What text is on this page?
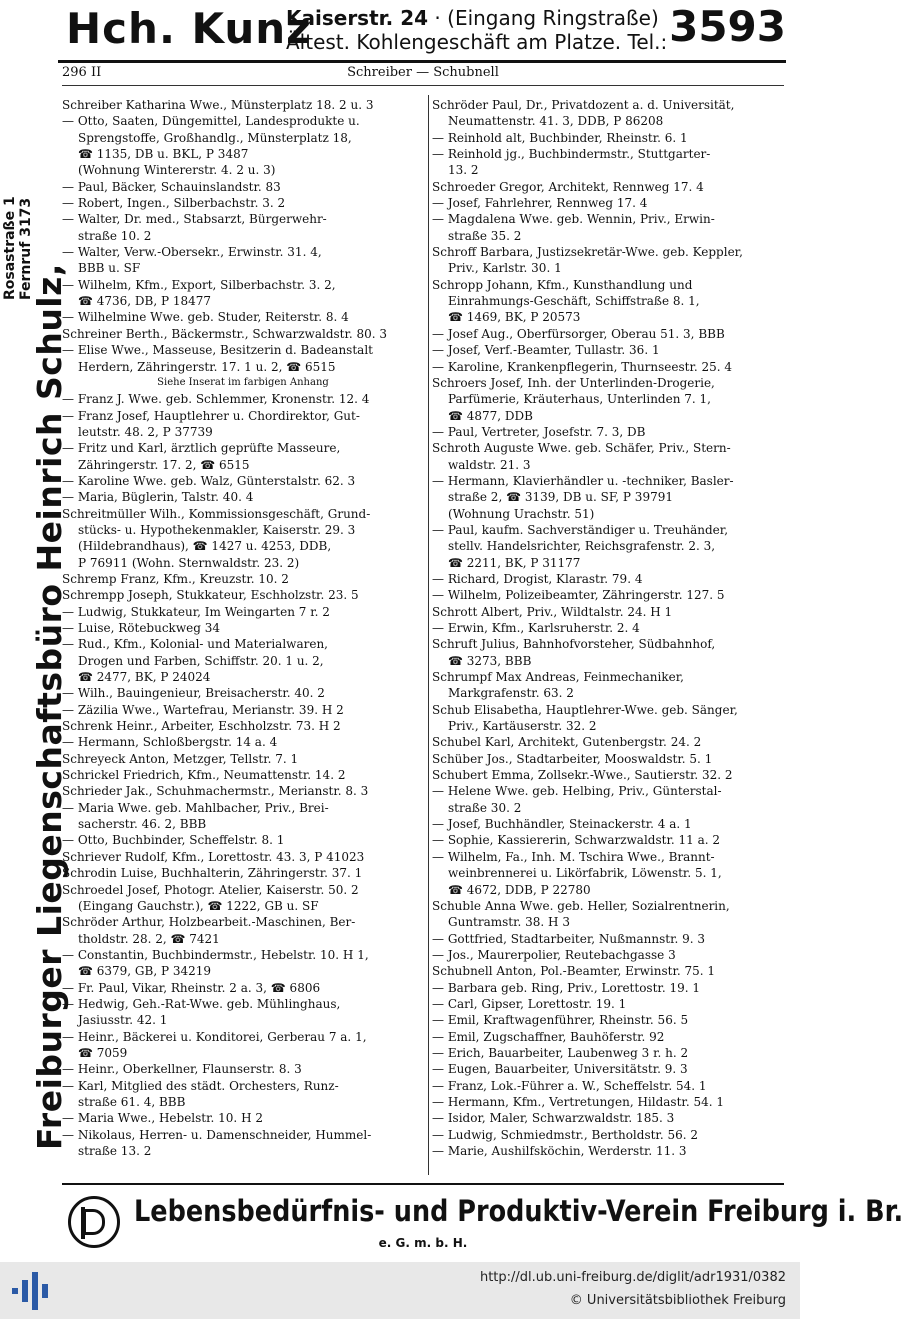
Hch. Kunz
Kaiserstr. 24 · (Eingang Ringstraße)
Ältest. Kohlengeschäft am Platze. Tel.: 3593
Rosastraße 1 Fernruf 3173
Freiburger Liegenschaftsbüro Heinrich Schulz,
296 II	Schreiber — Schubnell
Schreiber Katharina Wwe., Münsterplatz 18. 2 u. 3
— Otto, Saaten, Düngemittel, Landesprodukte u.
Sprengstoffe, Großhandlg., Münsterplatz 18,
☎ 1135, DB u. BKL, P 3487
(Wohnung Wintererstr. 4. 2 u. 3)
— Paul, Bäcker, Schauinslandstr. 83
— Robert, Ingen., Silberbachstr. 3. 2
— Walter, Dr. med., Stabsarzt, Bürgerwehr-
straße 10. 2
— Walter, Verw.-Obersekr., Erwinstr. 31. 4,
BBB u. SF
— Wilhelm, Kfm., Export, Silberbachstr. 3. 2,
☎ 4736, DB, P 18477
— Wilhelmine Wwe. geb. Studer, Reiterstr. 8. 4
Schreiner Berth., Bäckermstr., Schwarzwaldstr. 80. 3
— Elise Wwe., Masseuse, Besitzerin d. Badeanstalt
Herdern, Zähringerstr. 17. 1 u. 2, ☎ 6515
Siehe Inserat im farbigen Anhang
— Franz J. Wwe. geb. Schlemmer, Kronenstr. 12. 4
— Franz Josef, Hauptlehrer u. Chordirektor, Gut-
leutstr. 48. 2, P 37739
— Fritz und Karl, ärztlich geprüfte Masseure,
Zähringerstr. 17. 2, ☎ 6515
— Karoline Wwe. geb. Walz, Günterstalstr. 62. 3
— Maria, Büglerin, Talstr. 40. 4
Schreitmüller Wilh., Kommissionsgeschäft, Grund-
stücks- u. Hypothekenmakler, Kaiserstr. 29. 3
(Hildebrandhaus), ☎ 1427 u. 4253, DDB,
P 76911 (Wohn. Sternwaldstr. 23. 2)
Schremp Franz, Kfm., Kreuzstr. 10. 2
Schrempp Joseph, Stukkateur, Eschholzstr. 23. 5
— Ludwig, Stukkateur, Im Weingarten 7 r. 2
— Luise, Rötebuckweg 34
— Rud., Kfm., Kolonial- und Materialwaren,
Drogen und Farben, Schiffstr. 20. 1 u. 2,
☎ 2477, BK, P 24024
— Wilh., Bauingenieur, Breisacherstr. 40. 2
— Zäzilia Wwe., Wartefrau, Merianstr. 39. H 2
Schrenk Heinr., Arbeiter, Eschholzstr. 73. H 2
— Hermann, Schloßbergstr. 14 a. 4
Schreyeck Anton, Metzger, Tellstr. 7. 1
Schrickel Friedrich, Kfm., Neumattenstr. 14. 2
Schrieder Jak., Schuhmachermstr., Merianstr. 8. 3
— Maria Wwe. geb. Mahlbacher, Priv., Brei-
sacherstr. 46. 2, BBB
— Otto, Buchbinder, Scheffelstr. 8. 1
Schriever Rudolf, Kfm., Lorettostr. 43. 3, P 41023
Schrodin Luise, Buchhalterin, Zähringerstr. 37. 1
Schroedel Josef, Photogr. Atelier, Kaiserstr. 50. 2
(Eingang Gauchstr.), ☎ 1222, GB u. SF
Schröder Arthur, Holzbearbeit.-Maschinen, Ber-
tholdstr. 28. 2, ☎ 7421
— Constantin, Buchbindermstr., Hebelstr. 10. H 1,
☎ 6379, GB, P 34219
— Fr. Paul, Vikar, Rheinstr. 2 a. 3, ☎ 6806
— Hedwig, Geh.-Rat-Wwe. geb. Mühlinghaus,
Jasiusstr. 42. 1
— Heinr., Bäckerei u. Konditorei, Gerberau 7 a. 1,
☎ 7059
— Heinr., Oberkellner, Flaunserstr. 8. 3
— Karl, Mitglied des städt. Orchesters, Runz-
straße 61. 4, BBB
— Maria Wwe., Hebelstr. 10. H 2
— Nikolaus, Herren- u. Damenschneider, Hummel-
straße 13. 2
Schröder Paul, Dr., Privatdozent a. d. Universität,
Neumattenstr. 41. 3, DDB, P 86208
— Reinhold alt, Buchbinder, Rheinstr. 6. 1
— Reinhold jg., Buchbindermstr., Stuttgarter-
13. 2
Schroeder Gregor, Architekt, Rennweg 17. 4
— Josef, Fahrlehrer, Rennweg 17. 4
— Magdalena Wwe. geb. Wennin, Priv., Erwin-
straße 35. 2
Schroff Barbara, Justizsekretär-Wwe. geb. Keppler,
Priv., Karlstr. 30. 1
Schropp Johann, Kfm., Kunsthandlung und
Einrahmungs-Geschäft, Schiffstraße 8. 1,
☎ 1469, BK, P 20573
— Josef Aug., Oberfürsorger, Oberau 51. 3, BBB
— Josef, Verf.-Beamter, Tullastr. 36. 1
— Karoline, Krankenpflegerin, Thurnseestr. 25. 4
Schroers Josef, Inh. der Unterlinden-Drogerie,
Parfümerie, Kräuterhaus, Unterlinden 7. 1,
☎ 4877, DDB
— Paul, Vertreter, Josefstr. 7. 3, DB
Schroth Auguste Wwe. geb. Schäfer, Priv., Stern-
waldstr. 21. 3
— Hermann, Klavierhändler u. -techniker, Basler-
straße 2, ☎ 3139, DB u. SF, P 39791
(Wohnung Urachstr. 51)
— Paul, kaufm. Sachverständiger u. Treuhänder,
stellv. Handelsrichter, Reichsgrafenstr. 2. 3,
☎ 2211, BK, P 31177
— Richard, Drogist, Klarastr. 79. 4
— Wilhelm, Polizeibeamter, Zähringerstr. 127. 5
Schrott Albert, Priv., Wildtalstr. 24. H 1
— Erwin, Kfm., Karlsruherstr. 2. 4
Schruft Julius, Bahnhofvorsteher, Südbahnhof,
☎ 3273, BBB
Schrumpf Max Andreas, Feinmechaniker,
Markgrafenstr. 63. 2
Schub Elisabetha, Hauptlehrer-Wwe. geb. Sänger,
Priv., Kartäuserstr. 32. 2
Schubel Karl, Architekt, Gutenbergstr. 24. 2
Schüber Jos., Stadtarbeiter, Mooswaldstr. 5. 1
Schubert Emma, Zollsekr.-Wwe., Sautierstr. 32. 2
— Helene Wwe. geb. Helbing, Priv., Günterstal-
straße 30. 2
— Josef, Buchhändler, Steinackerstr. 4 a. 1
— Sophie, Kassiererin, Schwarzwaldstr. 11 a. 2
— Wilhelm, Fa., Inh. M. Tschira Wwe., Brannt-
weinbrennerei u. Likörfabrik, Löwenstr. 5. 1,
☎ 4672, DDB, P 22780
Schuble Anna Wwe. geb. Heller, Sozialrentnerin,
Guntramstr. 38. H 3
— Gottfried, Stadtarbeiter, Nußmannstr. 9. 3
— Jos., Maurerpolier, Reutebachgasse 3
Schubnell Anton, Pol.-Beamter, Erwinstr. 75. 1
— Barbara geb. Ring, Priv., Lorettostr. 19. 1
— Carl, Gipser, Lorettostr. 19. 1
— Emil, Kraftwagenführer, Rheinstr. 56. 5
— Emil, Zugschaffner, Bauhöferstr. 92
— Erich, Bauarbeiter, Laubenweg 3 r. h. 2
— Eugen, Bauarbeiter, Universitätstr. 9. 3
— Franz, Lok.-Führer a. W., Scheffelstr. 54. 1
— Hermann, Kfm., Vertretungen, Hildastr. 54. 1
— Isidor, Maler, Schwarzwaldstr. 185. 3
— Ludwig, Schmiedmstr., Bertholdstr. 56. 2
— Marie, Aushilfsköchin, Werderstr. 11. 3
Lebensbedürfnis- und Produktiv-Verein Freiburg i. Br.
e. G. m. b. H.
http://dl.ub.uni-freiburg.de/diglit/adr1931/0382
© Universitätsbibliothek Freiburg
